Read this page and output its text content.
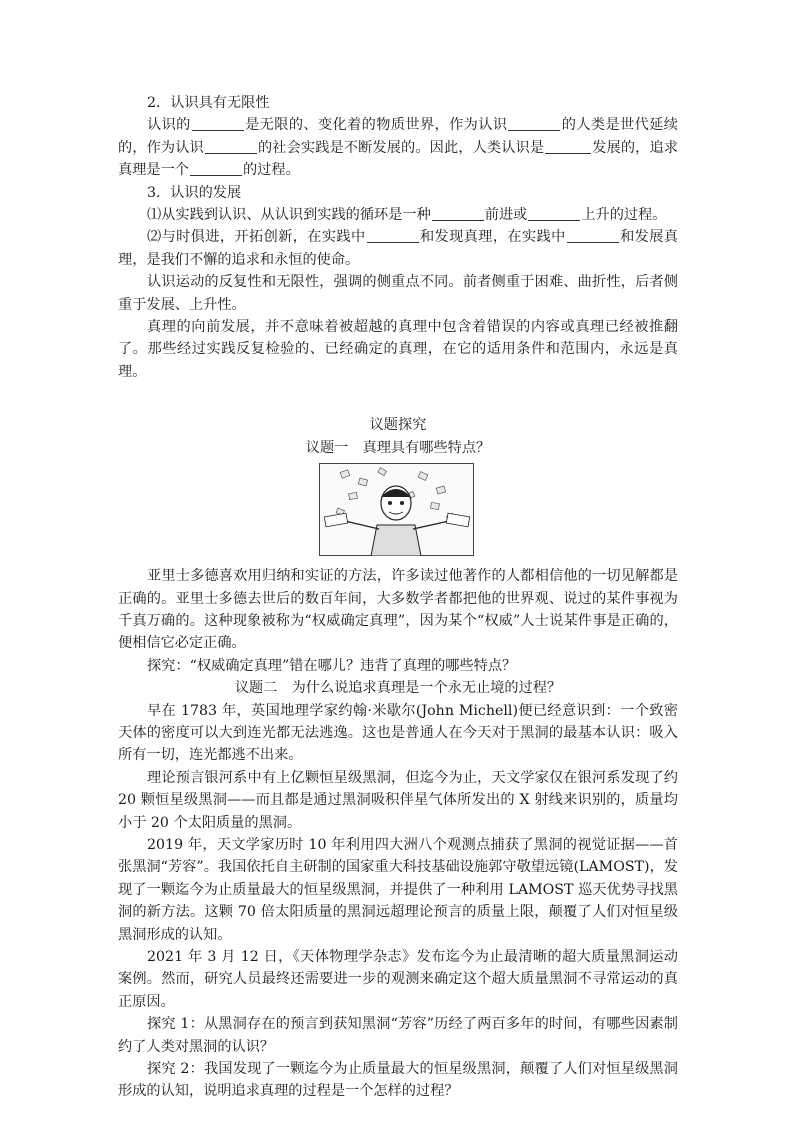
2．认识具有无限性

认识的	是无限的、变化着的物质世界，作为认识	的人类是世代延续的，作为认识	的社会实践是不断发展的。因此，人类认识是	发展的，追求真理是一个	的过程。

3．认识的发展

⑴从实践到认识、从认识到实践的循环是一种	前进或	上升的过程。

⑵与时俱进，开拓创新，在实践中	和发现真理，在实践中	和发展真理，是我们不懈的追求和永恒的使命。

认识运动的反复性和无限性，强调的侧重点不同。前者侧重于困难、曲折性，后者侧重于发展、上升性。

真理的向前发展，并不意味着被超越的真理中包含着错误的内容或真理已经被推翻了。那些经过实践反复检验的、已经确定的真理，在它的适用条件和范围内，永远是真理。

议题探究

议题一　真理具有哪些特点？

亚里士多德喜欢用归纳和实证的方法，许多读过他著作的人都相信他的一切见解都是正确的。亚里士多德去世后的数百年间，大多数学者都把他的世界观、说过的某件事视为千真万确的。这种现象被称为“权威确定真理”，因为某个“权威”人士说某件事是正确的，便相信它必定正确。

探究：“权威确定真理”错在哪儿？违背了真理的哪些特点？

议题二　为什么说追求真理是一个永无止境的过程？

早在 1783 年，英国地理学家约翰·米歇尔(John Michell)便已经意识到：一个致密天体的密度可以大到连光都无法逃逸。这也是普通人在今天对于黑洞的最基本认识：吸入所有一切，连光都逃不出来。

理论预言银河系中有上亿颗恒星级黑洞，但迄今为止，天文学家仅在银河系发现了约 20 颗恒星级黑洞——而且都是通过黑洞吸积伴星气体所发出的 X 射线来识别的，质量均小于 20 个太阳质量的黑洞。

2019 年，天文学家历时 10 年利用四大洲八个观测点捕获了黑洞的视觉证据——首张黑洞“芳容”。我国依托自主研制的国家重大科技基础设施郭守敬望远镜(LAMOST)，发现了一颗迄今为止质量最大的恒星级黑洞，并提供了一种利用 LAMOST 巡天优势寻找黑洞的新方法。这颗 70 倍太阳质量的黑洞远超理论预言的质量上限，颠覆了人们对恒星级黑洞形成的认知。

2021 年 3 月 12 日，《天体物理学杂志》发布迄今为止最清晰的超大质量黑洞运动案例。然而，研究人员最终还需要进一步的观测来确定这个超大质量黑洞不寻常运动的真正原因。

探究 1：从黑洞存在的预言到获知黑洞“芳容”历经了两百多年的时间，有哪些因素制约了人类对黑洞的认识？

探究 2：我国发现了一颗迄今为止质量最大的恒星级黑洞，颠覆了人们对恒星级黑洞形成的认知，说明追求真理的过程是一个怎样的过程？
